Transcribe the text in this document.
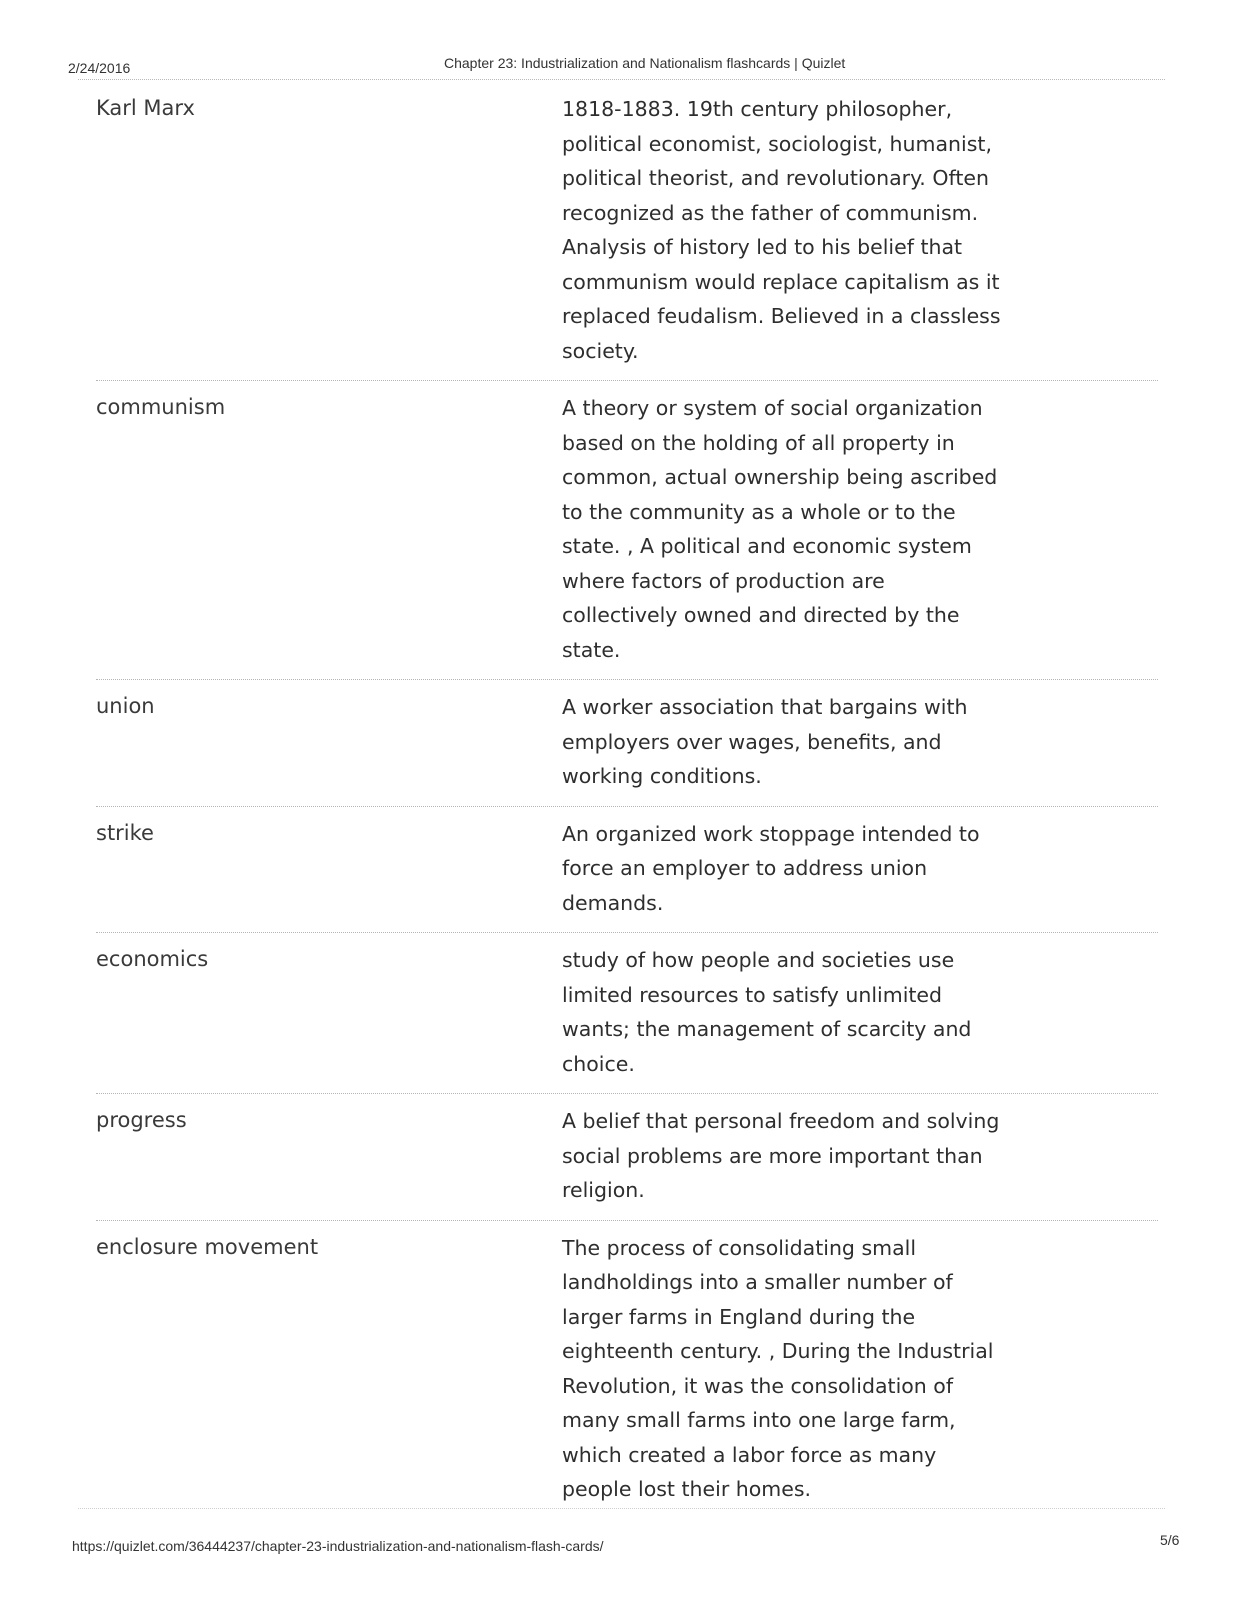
2/24/2016	Chapter 23: Industrialization and Nationalism flashcards | Quizlet
Karl Marx	1818-1883. 19th century philosopher, political economist, sociologist, humanist, political theorist, and revolutionary. Often recognized as the father of communism. Analysis of history led to his belief that communism would replace capitalism as it replaced feudalism. Believed in a classless society.
communism	A theory or system of social organization based on the holding of all property in common, actual ownership being ascribed to the community as a whole or to the state. , A political and economic system where factors of production are collectively owned and directed by the state.
union	A worker association that bargains with employers over wages, benefits, and working conditions.
strike	An organized work stoppage intended to force an employer to address union demands.
economics	study of how people and societies use limited resources to satisfy unlimited wants; the management of scarcity and choice.
progress	A belief that personal freedom and solving social problems are more important than religion.
enclosure movement	The process of consolidating small landholdings into a smaller number of larger farms in England during the eighteenth century. , During the Industrial Revolution, it was the consolidation of many small farms into one large farm, which created a labor force as many people lost their homes.
https://quizlet.com/36444237/chapter-23-industrialization-and-nationalism-flash-cards/	5/6
